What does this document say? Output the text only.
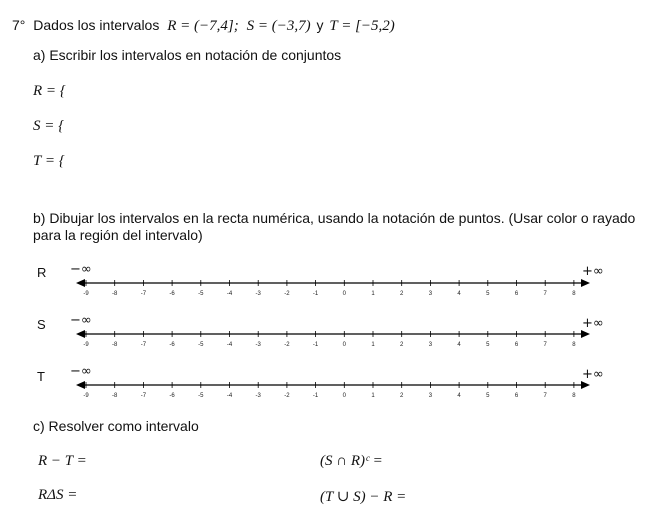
7° Dados los intervalos R = (−7,4]; S = (−3,7) y T = [−5,2)
a) Escribir los intervalos en notación de conjuntos
R = {
S = {
T = {
b) Dibujar los intervalos en la recta numérica, usando la notación de puntos. (Usar color o rayado
para la región del intervalo)
R −∞	+∞
-9	-8	-7	-6	-5	-4	-3	-2	-1	0	1	2	3	4	5	6	7	8
S −∞	+∞
-9	-8	-7	-6	-5	-4	-3	-2	-1	0	1	2	3	4	5	6	7	8
T −∞	+∞
-9	-8	-7	-6	-5	-4	-3	-2	-1	0	1	2	3	4	5	6	7	8
c) Resolver como intervalo
R − T =	(S ∩ R)ᶜ =
RΔS =	(T ∪ S) − R =
